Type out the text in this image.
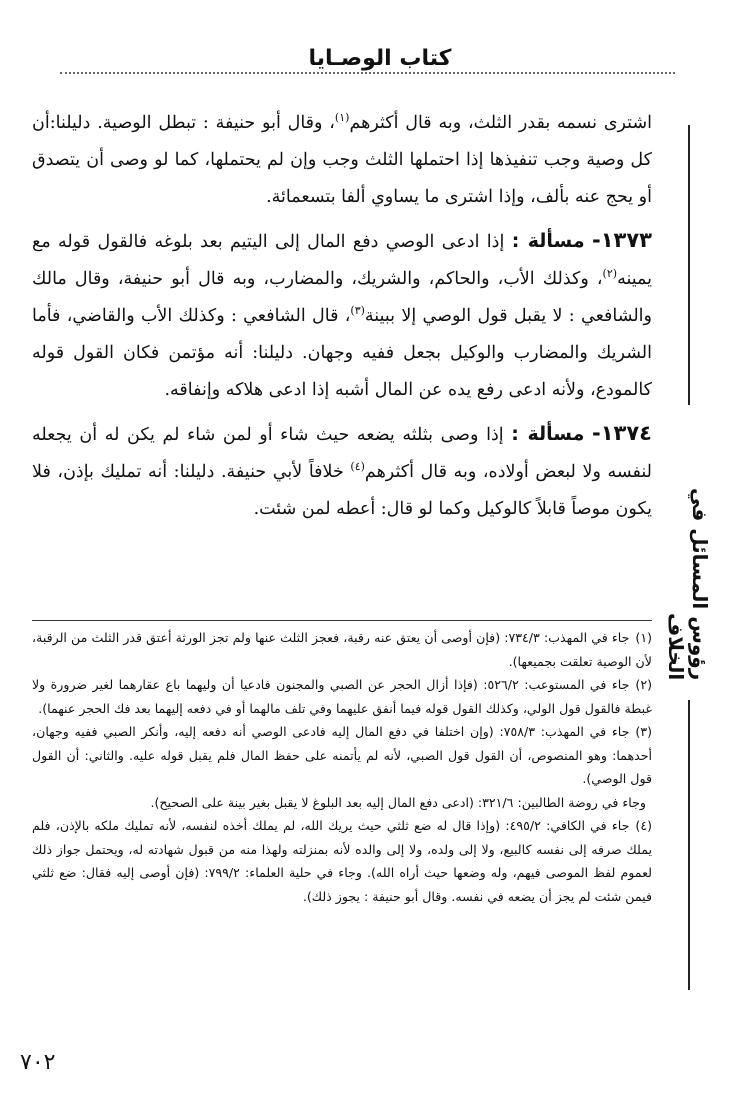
كتاب الوصـايا
رؤوس المسائل في الخلاف

اشترى نسمه بقدر الثلث، وبه قال أكثرهم$^{(١)}$، وقال أبو حنيفة : تبطل الوصية. دليلنا:أن كل وصية وجب تنفيذها إذا احتملها الثلث وجب وإن لم يحتملها، كما لو وصى أن يتصدق أو يحج عنه بألف، وإذا اشترى ما يساوي ألفا بتسعمائة.

١٣٧٣- مسألة : إذا ادعى الوصي دفع المال إلى اليتيم بعد بلوغه فالقول قوله مع يمينه$^{(٢)}$، وكذلك الأب، والحاكم، والشريك، والمضارب، وبه قال أبو حنيفة، وقال مالك والشافعي : لا يقبل قول الوصي إلا ببينة$^{(٣)}$، قال الشافعي : وكذلك الأب والقاضي، فأما الشريك والمضارب والوكيل بجعل ففيه وجهان. دليلنا: أنه مؤتمن فكان القول قوله كالمودع، ولأنه ادعى رفع يده عن المال أشبه إذا ادعى هلاكه وإنفاقه.

١٣٧٤- مسألة : إذا وصى بثلثه يضعه حيث شاء أو لمن شاء لم يكن له أن يجعله لنفسه ولا لبعض أولاده، وبه قال أكثرهم$^{(٤)}$ خلافاً لأبي حنيفة. دليلنا: أنه تمليك بإذن، فلا يكون موصاً قابلاً كالوكيل وكما لو قال: أعطه لمن شئت.

(١)جاء في المهذب: ٧٣٤/٣: (فإن أوصى أن يعتق عنه رقبة، فعجز الثلث عنها ولم تجز الورثة أعتق قدر الثلث من الرقبة، لأن الوصية تعلقت بجميعها).

(٢)جاء في المستوعب: ٥٢٦/٢: (فإذا أزال الحجر عن الصبي والمجنون فادعيا أن وليهما باع عقارهما لغير ضرورة ولا غبطة فالقول قول الولي، وكذلك القول قوله فيما أنفق عليهما وفي تلف مالهما أو في دفعه إليهما بعد فك الحجر عنهما).

(٣)جاء في المهذب: ٧٥٨/٣: (وإن اختلفا في دفع المال إليه فادعى الوصي أنه دفعه إليه، وأنكر الصبي ففيه وجهان، أحدهما: وهو المنصوص، أن القول قول الصبي، لأنه لم يأتمنه على حفظ المال فلم يقبل قوله عليه. والثاني: أن القول قول الوصي).

وجاء في روضة الطالبين: ٣٢١/٦: (ادعى دفع المال إليه بعد البلوغ لا يقبل بغير بينة على الصحيح).

(٤)جاء في الكافي: ٤٩٥/٢: (وإذا قال له ضع ثلثي حيث يريك الله، لم يملك أخذه لنفسه، لأنه تمليك ملكه بالإذن، فلم يملك صرفه إلى نفسه كالبيع، ولا إلى ولده، ولا إلى والده لأنه بمنزلته ولهذا منه من قبول شهادته له، ويحتمل جواز ذلك لعموم لفظ الموصى فيهم، وله وضعها حيث أراه الله). وجاء في حلية العلماء: ٧٩٩/٢: (فإن أوصى إليه فقال: ضع ثلثي فيمن شئت لم يجز أن يضعه في نفسه. وقال أبو حنيفة : يجوز ذلك).

٧٠٢
